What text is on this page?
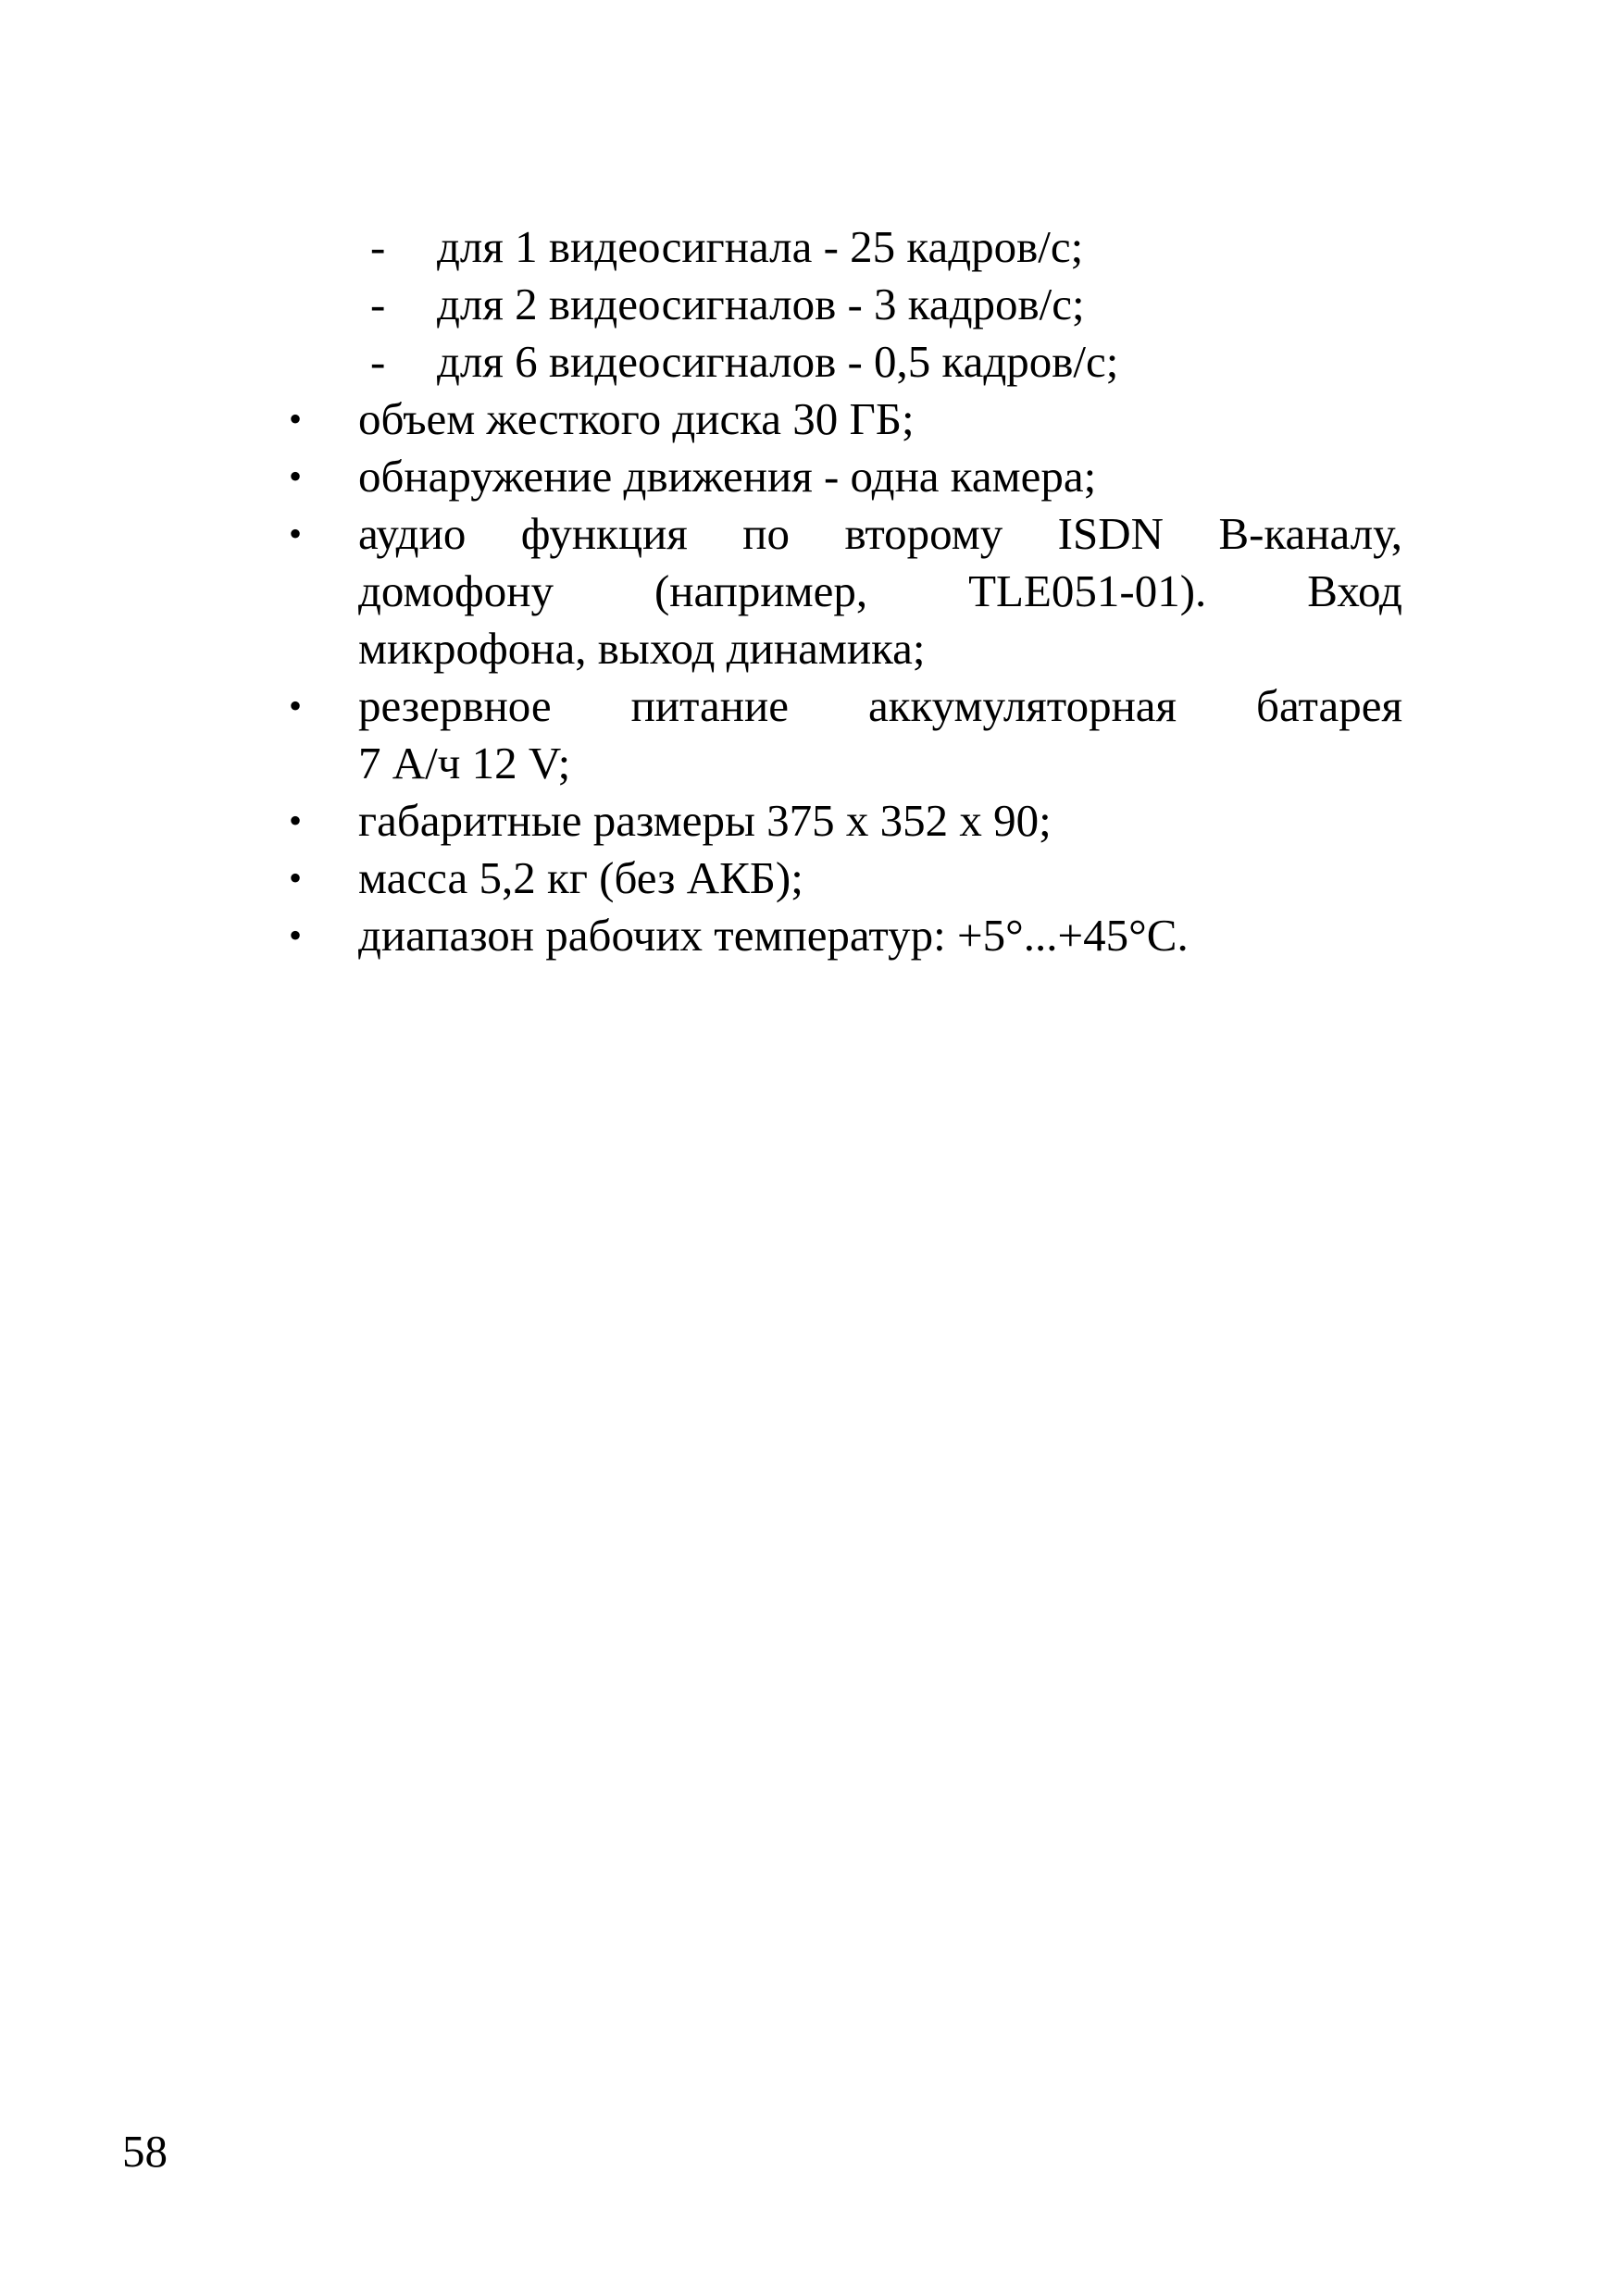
- для 1 видеосигнала - 25 кадров/с;
- для 2 видеосигналов - 3 кадров/с;
- для 6 видеосигналов - 0,5 кадров/с;
• объем жесткого диска 30 ГБ;
• обнаружение движения - одна камера;
• аудио функция по второму ISDN В-каналу,
домофону (например, TLE051-01). Вход
микрофона, выход динамика;
• резервное питание аккумуляторная батарея
7 А/ч 12 V;
• габаритные размеры 375 х 352 х 90;
• масса 5,2 кг (без АКБ);
• диапазон рабочих температур: +5°...+45°С.
58
